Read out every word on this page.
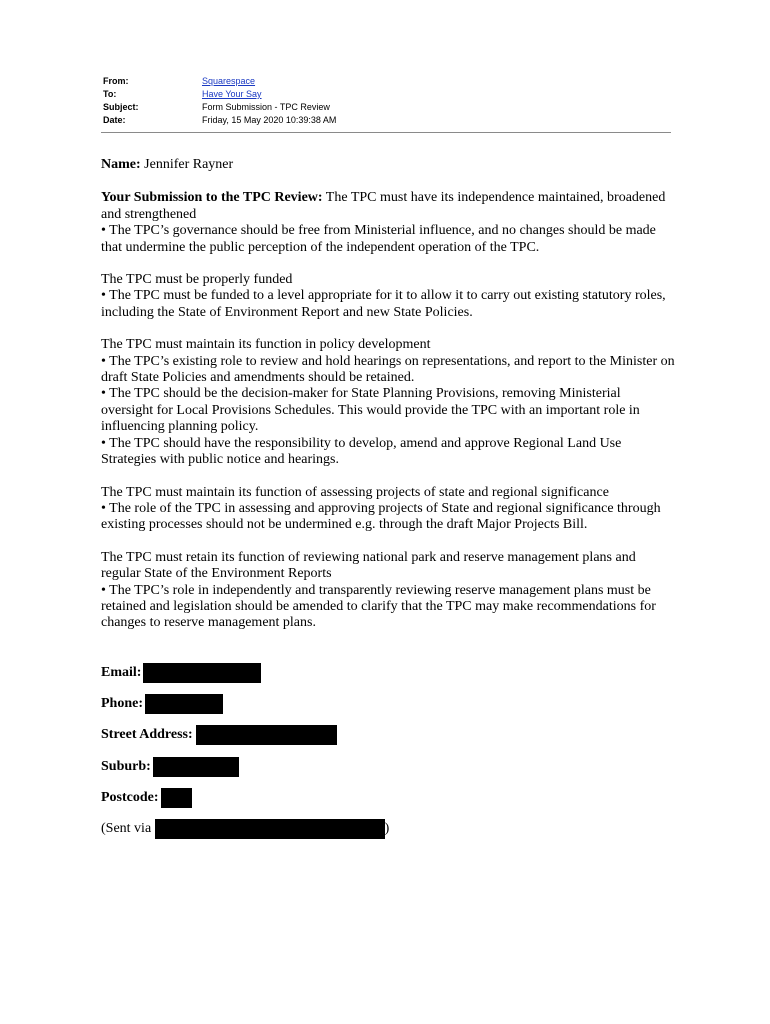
From:	Squarespace
To:	Have Your Say
Subject:	Form Submission - TPC Review
Date:	Friday, 15 May 2020 10:39:38 AM

Name: Jennifer Rayner

Your Submission to the TPC Review: The TPC must have its independence maintained, broadened and strengthened

• The TPC’s governance should be free from Ministerial influence, and no changes should be made that undermine the public perception of the independent operation of the TPC.

The TPC must be properly funded

• The TPC must be funded to a level appropriate for it to allow it to carry out existing statutory roles, including the State of Environment Report and new State Policies.

The TPC must maintain its function in policy development

• The TPC’s existing role to review and hold hearings on representations, and report to the Minister on draft State Policies and amendments should be retained.

• The TPC should be the decision-maker for State Planning Provisions, removing Ministerial oversight for Local Provisions Schedules. This would provide the TPC with an important role in influencing planning policy.

• The TPC should have the responsibility to develop, amend and approve Regional Land Use Strategies with public notice and hearings.

The TPC must maintain its function of assessing projects of state and regional significance

• The role of the TPC in assessing and approving projects of State and regional significance through existing processes should not be undermined e.g. through the draft Major Projects Bill.

The TPC must retain its function of reviewing national park and reserve management plans and regular State of the Environment Reports

• The TPC’s role in independently and transparently reviewing reserve management plans must be retained and legislation should be amended to clarify that the TPC may make recommendations for changes to reserve management plans.

Email:
Phone:
Street Address:
Suburb:
Postcode:
(Sent via	)
